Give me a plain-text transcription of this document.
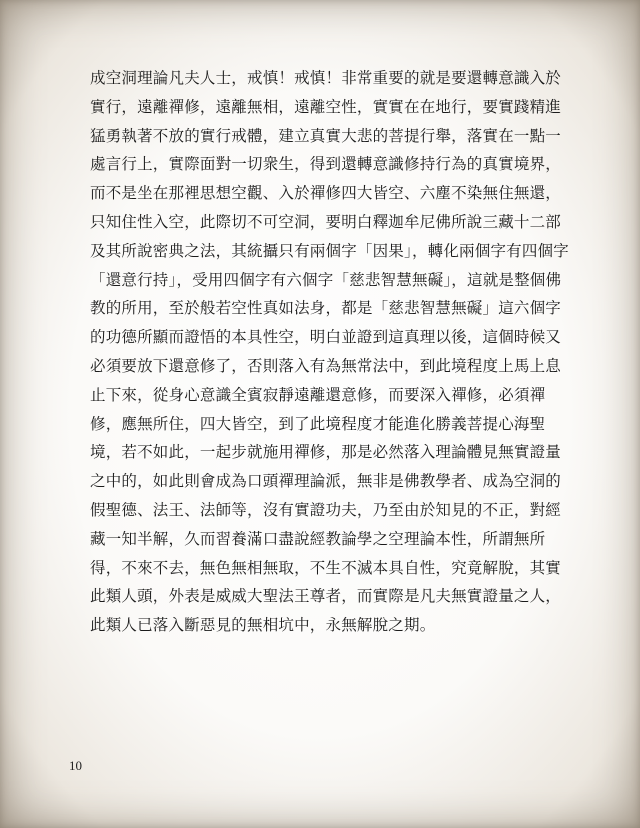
成空洞理論凡夫人士，戒慎！戒慎！非常重要的就是要還轉意識入於
實行，遠離禪修，遠離無相，遠離空性，實實在在地行，要實踐精進
猛勇執著不放的實行戒體，建立真實大悲的菩提行舉，落實在一點一
處言行上，實際面對一切衆生，得到還轉意識修持行為的真實境界，
而不是坐在那裡思想空觀、入於禪修四大皆空、六塵不染無住無還，
只知住性入空，此際切不可空洞，要明白釋迦牟尼佛所說三藏十二部
及其所說密典之法，其統攝只有兩個字「因果」，轉化兩個字有四個字
「還意行持」，受用四個字有六個字「慈悲智慧無礙」，這就是整個佛
教的所用，至於般若空性真如法身，都是「慈悲智慧無礙」這六個字
的功德所顯而證悟的本具性空，明白並證到這真理以後，這個時候又
必須要放下還意修了，否則落入有為無常法中，到此境程度上馬上息
止下來，從身心意識全賓寂靜遠離還意修，而要深入禪修，必須禪
修，應無所住，四大皆空，到了此境程度才能進化勝義菩提心海聖
境，若不如此，一起步就施用禪修，那是必然落入理論體見無實證量
之中的，如此則會成為口頭禪理論派，無非是佛教學者、成為空洞的
假聖德、法王、法師等，沒有實證功夫，乃至由於知見的不正，對經
藏一知半解，久而習養滿口盡說經教論學之空理論本性，所謂無所
得，不來不去，無色無相無取，不生不滅本具自性，究竟解脫，其實
此類人頭，外表是威威大聖法王尊者，而實際是凡夫無實證量之人，
此類人已落入斷惡見的無相坑中，永無解脫之期。
10
